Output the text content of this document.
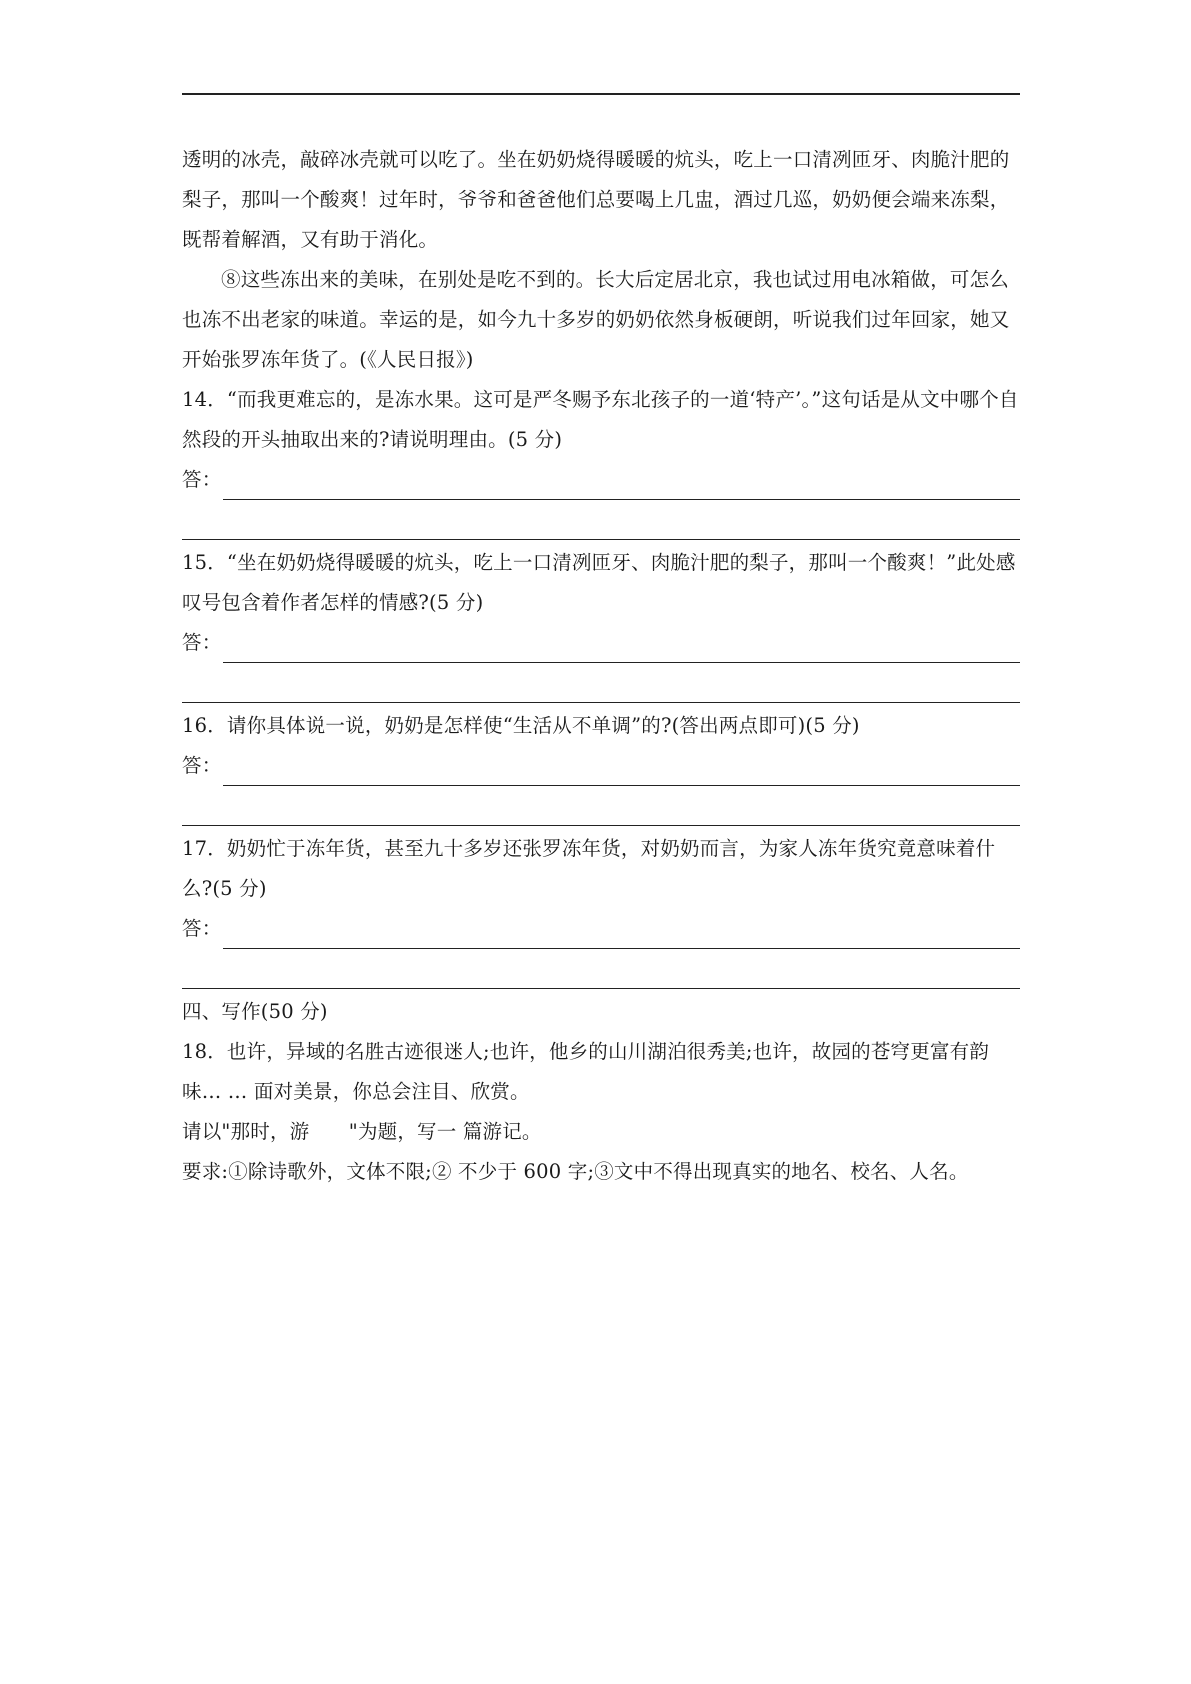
透明的冰壳，敲碎冰壳就可以吃了。坐在奶奶烧得暖暖的炕头，吃上一口清冽匝牙、肉脆汁肥的梨子，那叫一个酸爽！过年时，爷爷和爸爸他们总要喝上几盅，酒过几巡，奶奶便会端来冻梨，既帮着解酒，又有助于消化。

⑧这些冻出来的美味，在别处是吃不到的。长大后定居北京，我也试过用电冰箱做，可怎么也冻不出老家的味道。幸运的是，如今九十多岁的奶奶依然身板硬朗，听说我们过年回家，她又开始张罗冻年货了。(《人民日报》)

14．“而我更难忘的，是冻水果。这可是严冬赐予东北孩子的一道‘特产’。”这句话是从文中哪个自然段的开头抽取出来的?请说明理由。(5 分)

答：

15．“坐在奶奶烧得暖暖的炕头，吃上一口清冽匝牙、肉脆汁肥的梨子，那叫一个酸爽！”此处感叹号包含着作者怎样的情感?(5 分)

答：

16．请你具体说一说，奶奶是怎样使“生活从不单调”的?(答出两点即可)(5 分)

答：

17．奶奶忙于冻年货，甚至九十多岁还张罗冻年货，对奶奶而言，为家人冻年货究竟意味着什么?(5 分)

答：

四、写作(50 分)

18．也许，异域的名胜古迹很迷人;也许，他乡的山川湖泊很秀美;也许，故园的苍穹更富有韵味… … 面对美景，你总会注目、欣赏。

请以"那时，游　　"为题，写一 篇游记。

要求:①除诗歌外，文体不限;② 不少于 600 字;③文中不得出现真实的地名、校名、人名。
